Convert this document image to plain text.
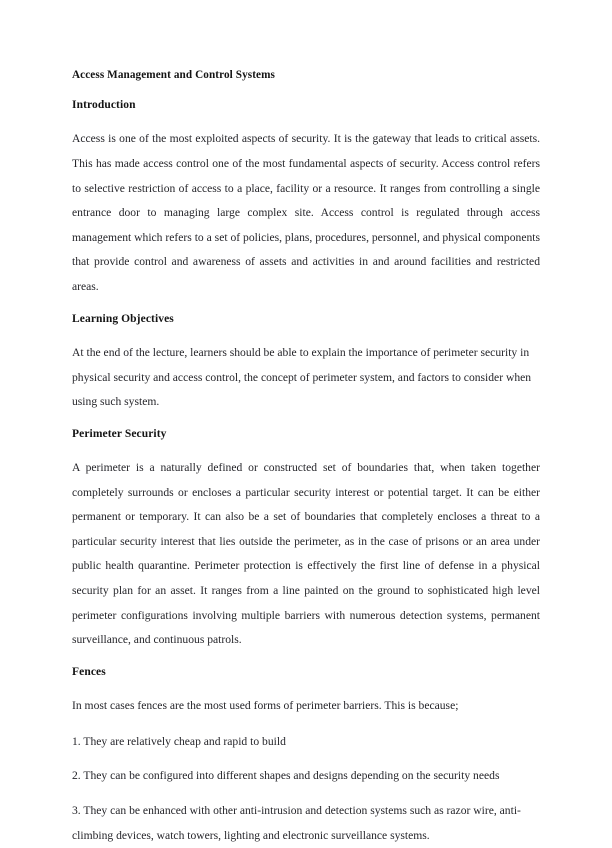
Access Management and Control Systems
Introduction

Access is one of the most exploited aspects of security. It is the gateway that leads to critical assets. This has made access control one of the most fundamental aspects of security. Access control refers to selective restriction of access to a place, facility or a resource. It ranges from controlling a single entrance door to managing large complex site. Access control is regulated through access management which refers to a set of policies, plans, procedures, personnel, and physical components that provide control and awareness of assets and activities in and around facilities and restricted areas.

Learning Objectives

At the end of the lecture, learners should be able to explain the importance of perimeter security in physical security and access control, the concept of perimeter system, and factors to consider when using such system.

Perimeter Security

A perimeter is a naturally defined or constructed set of boundaries that, when taken together completely surrounds or encloses a particular security interest or potential target. It can be either permanent or temporary. It can also be a set of boundaries that completely encloses a threat to a particular security interest that lies outside the perimeter, as in the case of prisons or an area under public health quarantine. Perimeter protection is effectively the first line of defense in a physical security plan for an asset. It ranges from a line painted on the ground to sophisticated high level perimeter configurations involving multiple barriers with numerous detection systems, permanent surveillance, and continuous patrols.

Fences

In most cases fences are the most used forms of perimeter barriers. This is because;

1. They are relatively cheap and rapid to build

2. They can be configured into different shapes and designs depending on the security needs

3. They can be enhanced with other anti-intrusion and detection systems such as razor wire, anti-climbing devices, watch towers, lighting and electronic surveillance systems.
